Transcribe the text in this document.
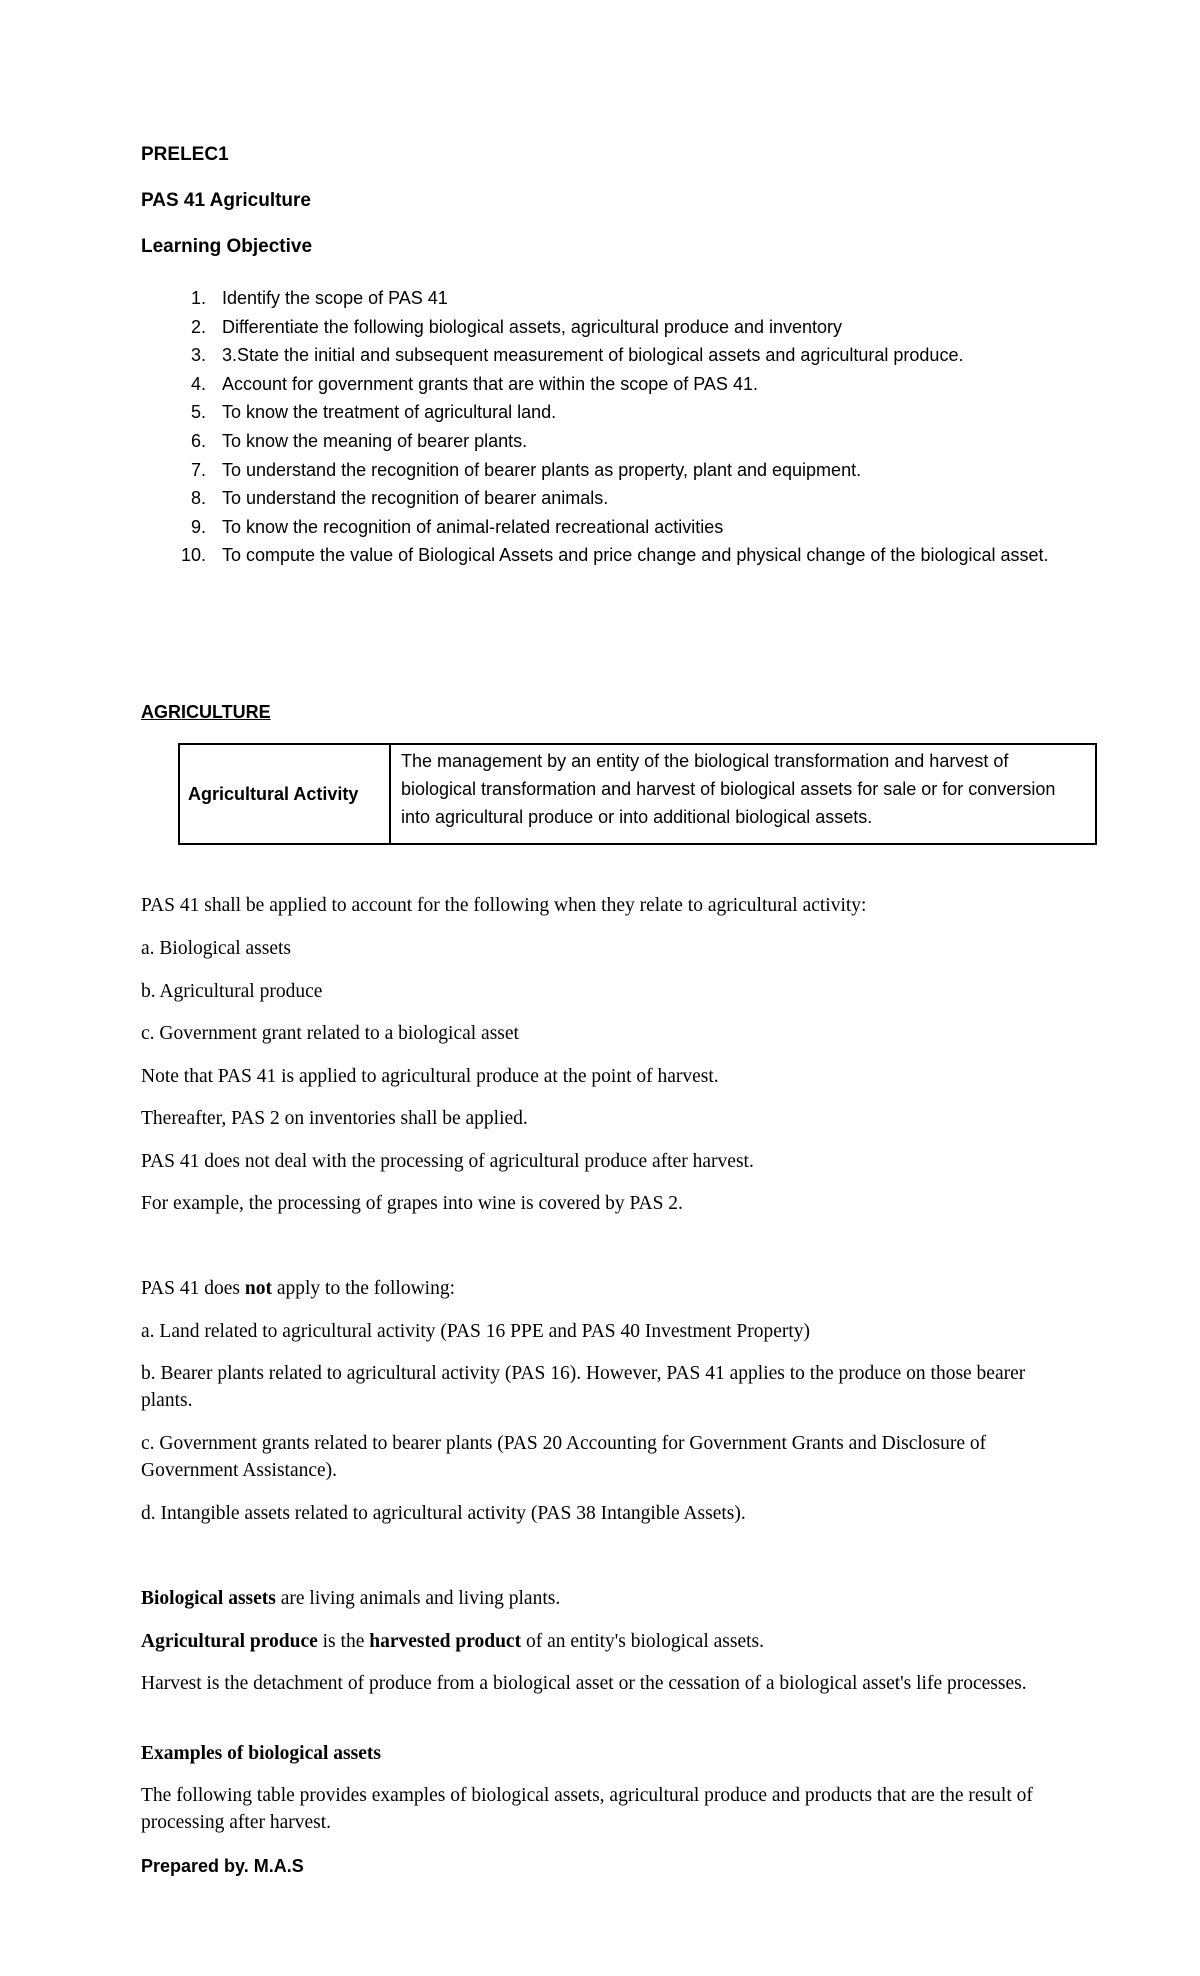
PRELEC1
PAS 41 Agriculture
Learning Objective
1. Identify the scope of PAS 41
2. Differentiate the following biological assets, agricultural produce and inventory
3. 3.State the initial and subsequent measurement of biological assets and agricultural produce.
4. Account for government grants that are within the scope of PAS 41.
5. To know the treatment of agricultural land.
6. To know the meaning of bearer plants.
7. To understand the recognition of bearer plants as property, plant and equipment.
8. To understand the recognition of bearer animals.
9. To know the recognition of animal-related recreational activities
10. To compute the value of Biological Assets and price change and physical change of the biological asset.
AGRICULTURE
Agricultural Activity
The management by an entity of the biological transformation and harvest of biological transformation and harvest of biological assets for sale or for conversion into agricultural produce or into additional biological assets.
PAS 41 shall be applied to account for the following when they relate to agricultural activity:
a. Biological assets
b. Agricultural produce
c. Government grant related to a biological asset
Note that PAS 41 is applied to agricultural produce at the point of harvest.
Thereafter, PAS 2 on inventories shall be applied.
PAS 41 does not deal with the processing of agricultural produce after harvest.
For example, the processing of grapes into wine is covered by PAS 2.
PAS 41 does not apply to the following:
a. Land related to agricultural activity (PAS 16 PPE and PAS 40 Investment Property)
b. Bearer plants related to agricultural activity (PAS 16). However, PAS 41 applies to the produce on those bearer plants.
c. Government grants related to bearer plants (PAS 20 Accounting for Government Grants and Disclosure of Government Assistance).
d. Intangible assets related to agricultural activity (PAS 38 Intangible Assets).
Biological assets are living animals and living plants.
Agricultural produce is the harvested product of an entity's biological assets.
Harvest is the detachment of produce from a biological asset or the cessation of a biological asset's life processes.
Examples of biological assets
The following table provides examples of biological assets, agricultural produce and products that are the result of processing after harvest.
Prepared by. M.A.S
